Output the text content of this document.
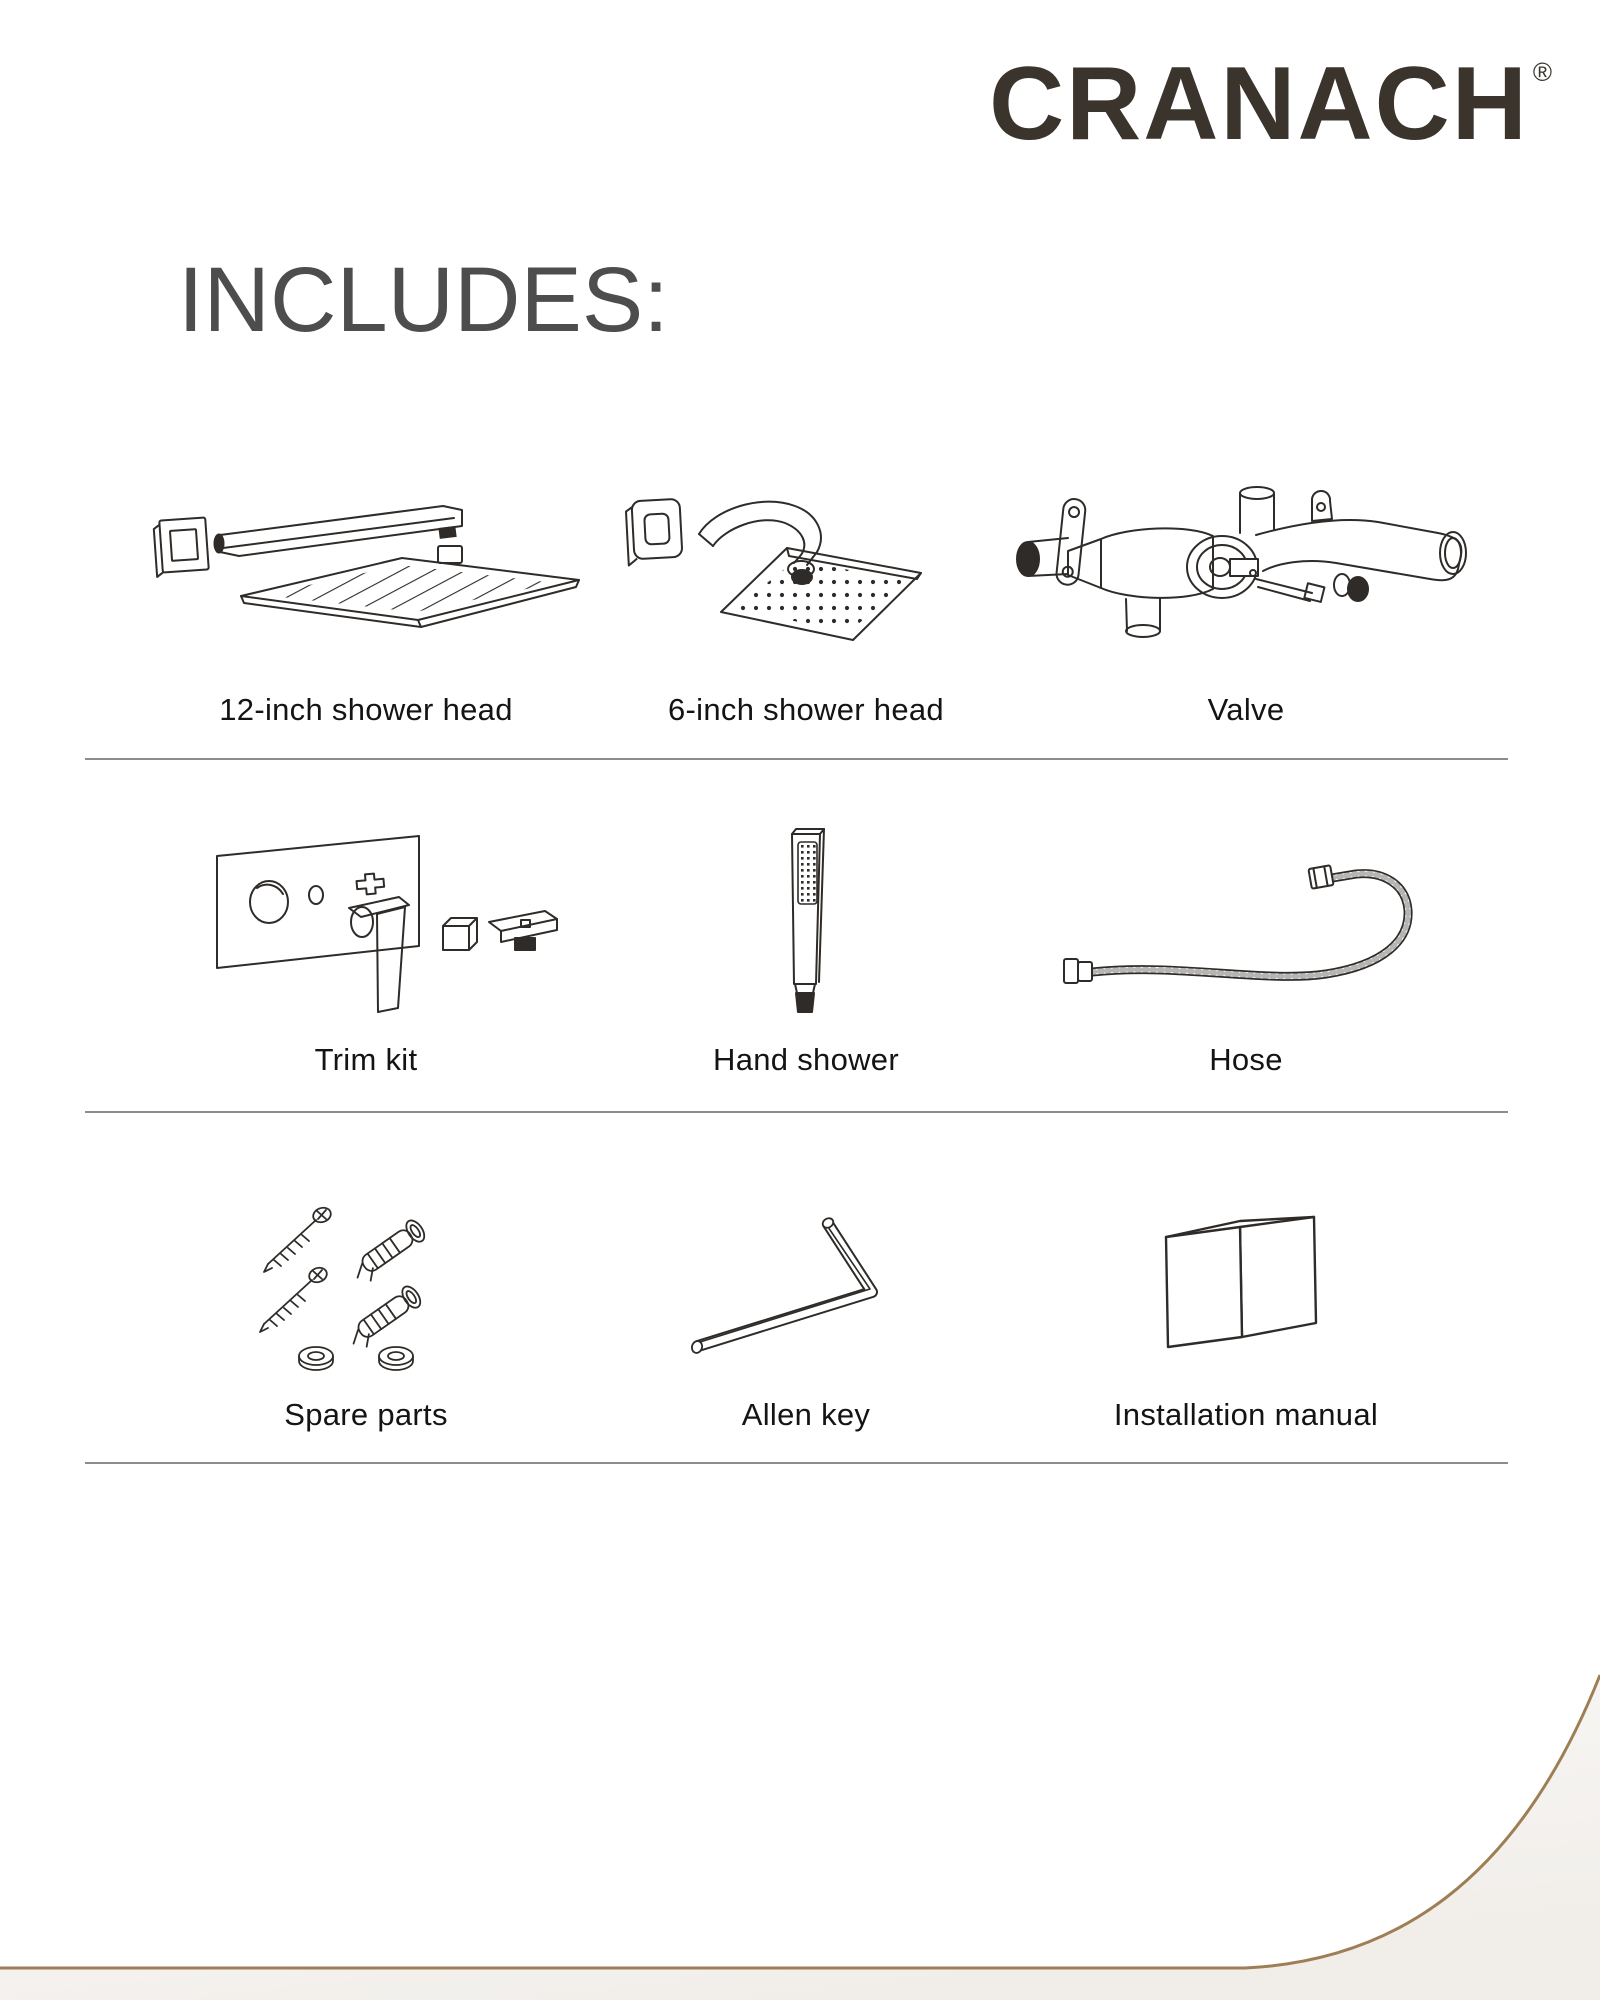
CRANACH ®
INCLUDES:
12-inch shower head	6-inch shower head	Valve
Trim kit	Hand shower	Hose
Spare parts	Allen key	Installation manual
